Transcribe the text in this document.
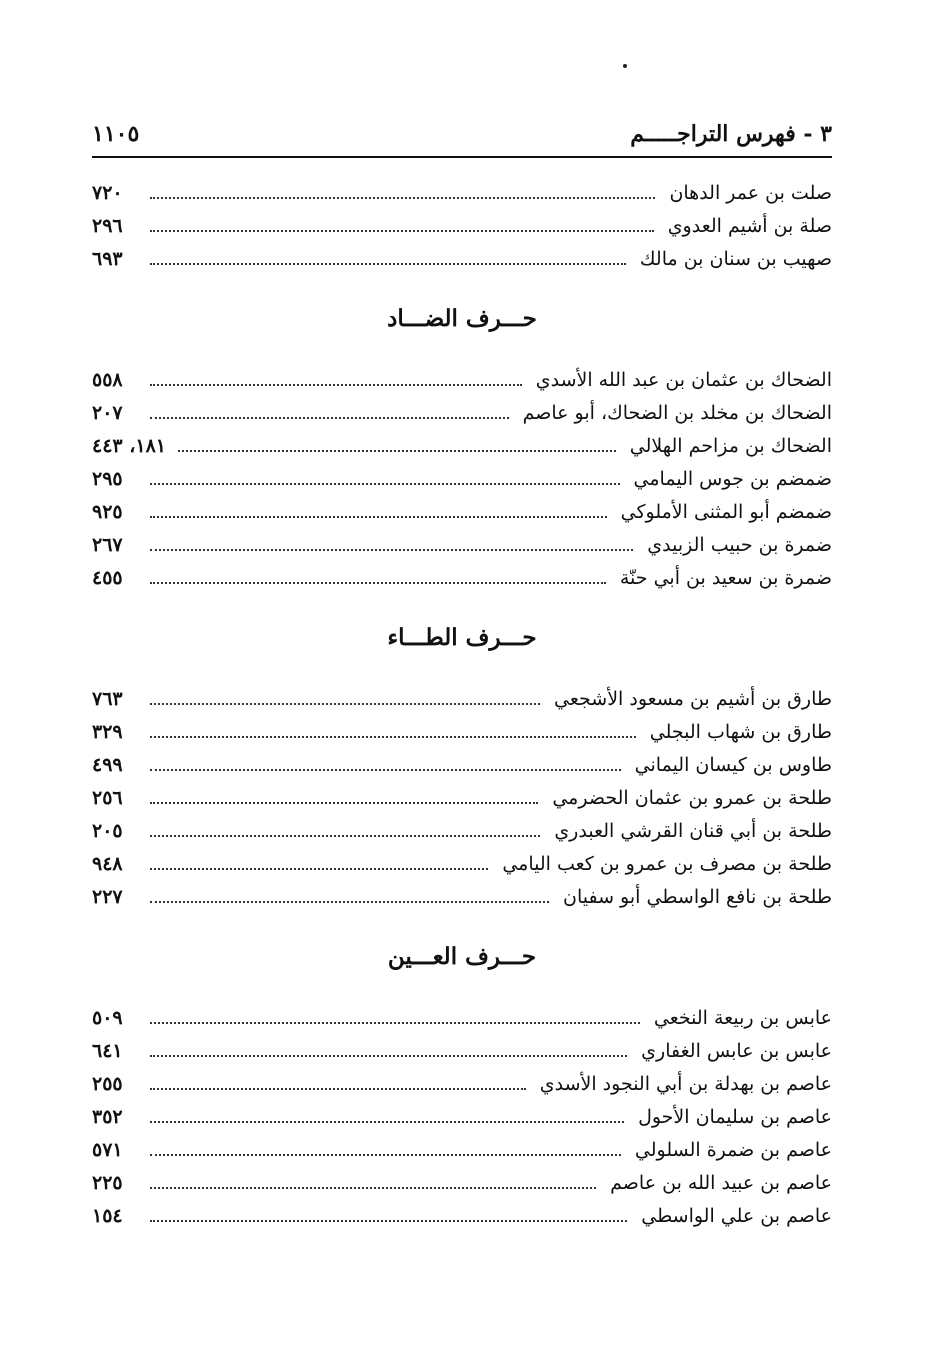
٣ - فهرس التراجـــــم
١١٠٥
صلت بن عمر الدهان
٧٢٠
صلة بن أشيم العدوي
٢٩٦
صهيب بن سنان بن مالك
٦٩٣
حـــرف الضـــاد
الضحاك بن عثمان بن عبد الله الأسدي
٥٥٨
الضحاك بن مخلد بن الضحاك، أبو عاصم
٢٠٧
الضحاك بن مزاحم الهلالي
١٨١، ٤٤٣
ضمضم بن جوس اليمامي
٢٩٥
ضمضم أبو المثنى الأملوكي
٩٢٥
ضمرة بن حبيب الزبيدي
٢٦٧
ضمرة بن سعيد بن أبي حنّة
٤٥٥
حـــرف الطـــاء
طارق بن أشيم بن مسعود الأشجعي
٧٦٣
طارق بن شهاب البجلي
٣٢٩
طاوس بن كيسان اليماني
٤٩٩
طلحة بن عمرو بن عثمان الحضرمي
٢٥٦
طلحة بن أبي قنان القرشي العبدري
٢٠٥
طلحة بن مصرف بن عمرو بن كعب اليامي
٩٤٨
طلحة بن نافع الواسطي أبو سفيان
٢٢٧
حـــرف العـــين
عابس بن ربيعة النخعي
٥٠٩
عابس بن عابس الغفاري
٦٤١
عاصم بن بهدلة بن أبي النجود الأسدي
٢٥٥
عاصم بن سليمان الأحول
٣٥٢
عاصم بن ضمرة السلولي
٥٧١
عاصم بن عبيد الله بن عاصم
٢٢٥
عاصم بن علي الواسطي
١٥٤
